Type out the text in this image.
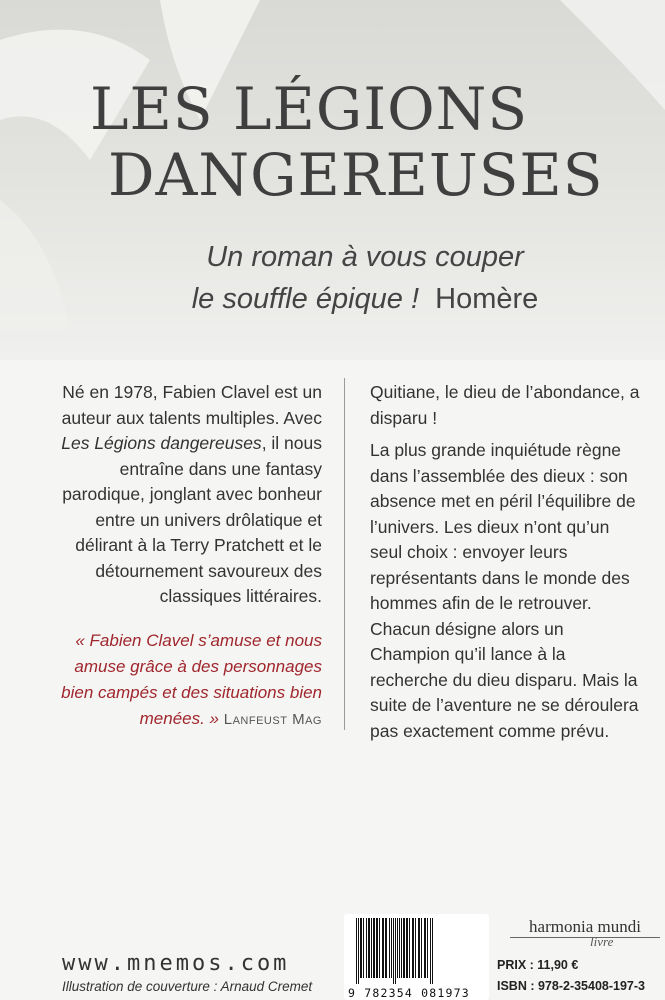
LES LÉGIONS
DANGEREUSES
Un roman à vous couper
le souffle épique ! Homère

Né en 1978, Fabien Clavel est un auteur aux talents multiples. Avec Les Légions dangereuses, il nous entraîne dans une fantasy parodique, jonglant avec bonheur entre un univers drôlatique et délirant à la Terry Pratchett et le détournement savoureux des classiques littéraires.

« Fabien Clavel s’amuse et nous amuse grâce à des personnages bien campés et des situations bien menées. » Lanfeust Mag

Quitiane, le dieu de l’abondance, a disparu !

La plus grande inquiétude règne dans l’assemblée des dieux : son absence met en péril l’équilibre de l’univers. Les dieux n’ont qu’un seul choix : envoyer leurs représentants dans le monde des hommes afin de le retrouver. Chacun désigne alors un Champion qu’il lance à la recherche du dieu disparu. Mais la suite de l’aventure ne se déroulera pas exactement comme prévu.

www.mnemos.com
Illustration de couverture : Arnaud Cremet	9 782354 081973
harmonia mundi
livre
PRIX : 11,90 €
ISBN : 978-2-35408-197-3
